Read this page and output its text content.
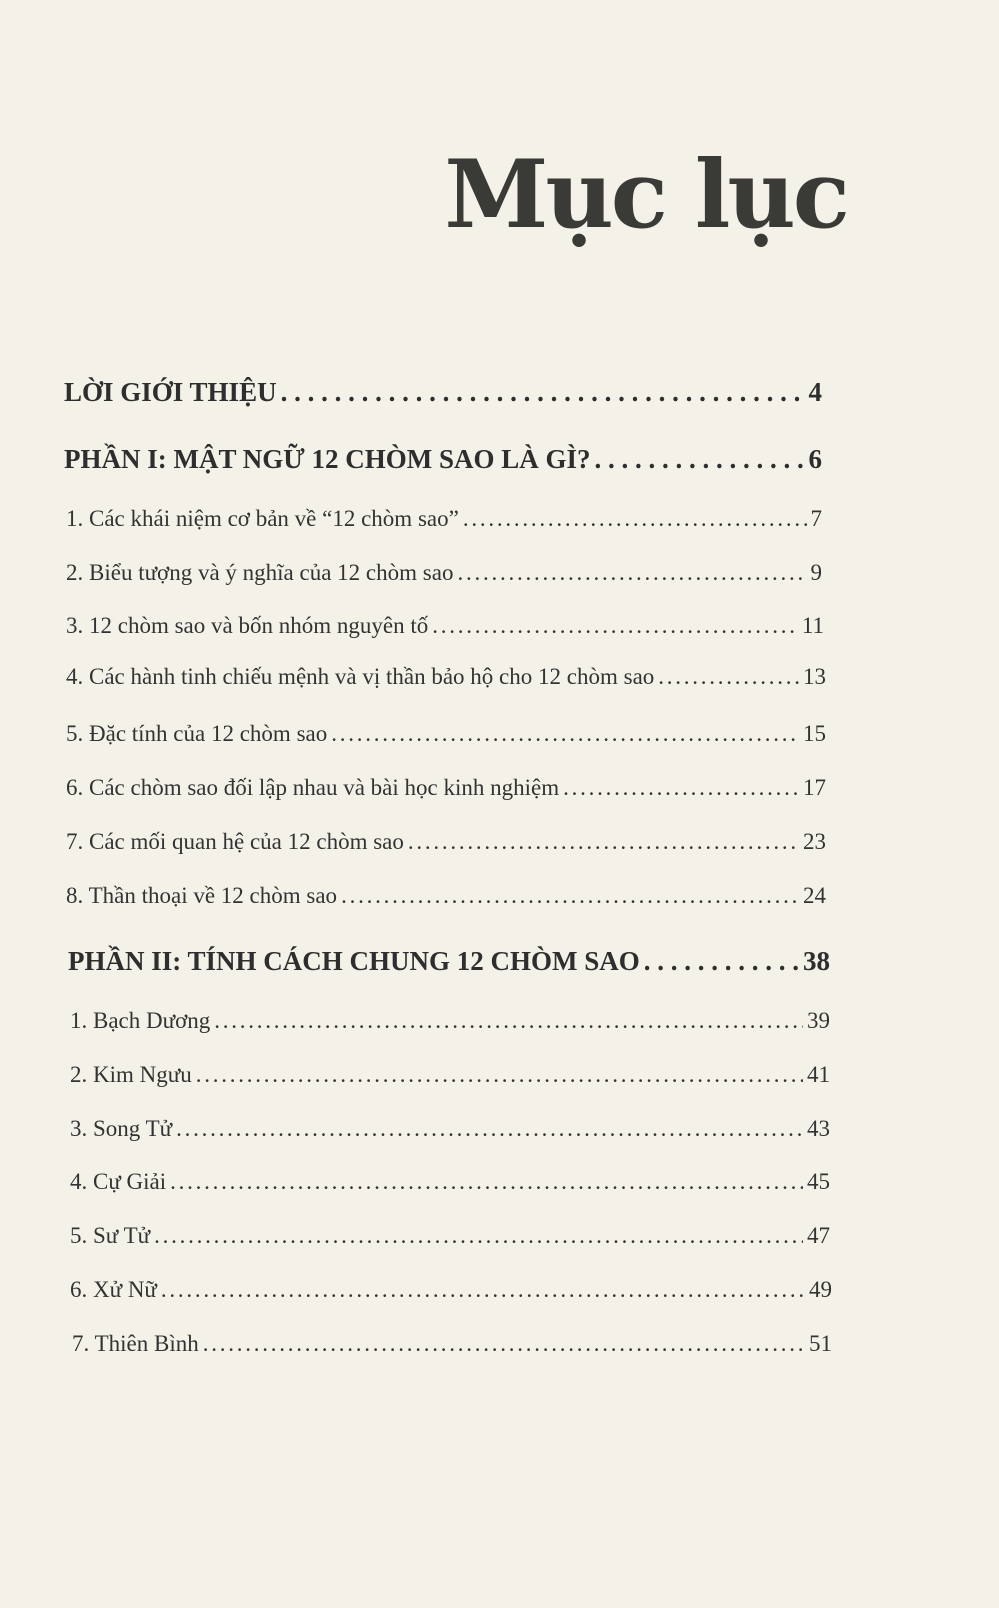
Mục lục
LỜI GIỚI THIỆU . . .	4
PHẦN I: MẬT NGỮ 12 CHÒM SAO LÀ GÌ? . . .	6
1. Các khái niệm cơ bản về “12 chòm sao” . . .	7
2. Biểu tượng và ý nghĩa của 12 chòm sao . . .	9
3. 12 chòm sao và bốn nhóm nguyên tố . . .	11
4. Các hành tinh chiếu mệnh và vị thần bảo hộ cho 12 chòm sao . . .	13
5. Đặc tính của 12 chòm sao . . .	15
6. Các chòm sao đối lập nhau và bài học kinh nghiệm . . .	17
7. Các mối quan hệ của 12 chòm sao . . .	23
8. Thần thoại về 12 chòm sao . . .	24
PHẦN II: TÍNH CÁCH CHUNG 12 CHÒM SAO . . .	38
1. Bạch Dương . . .	39
2. Kim Ngưu . . .	41
3. Song Tử . . .	43
4. Cự Giải . . .	45
5. Sư Tử . . .	47
6. Xử Nữ . . .	49
7. Thiên Bình . . .	51
